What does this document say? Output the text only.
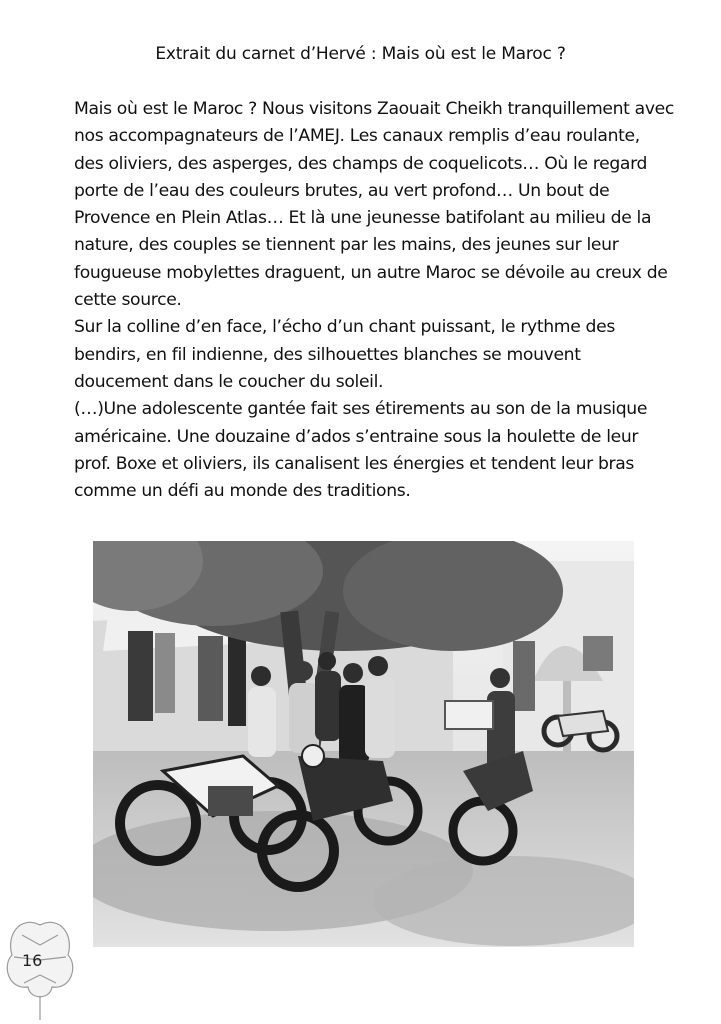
Extrait du carnet d’Hervé : Mais où est le Maroc ?

Mais où est le Maroc ? Nous visitons Zaouait Cheikh tranquillement avec nos accompagnateurs de l’AMEJ. Les canaux remplis d’eau roulante, des oliviers, des asperges, des champs de coquelicots… Où le regard porte de l’eau des couleurs brutes, au vert profond… Un bout de Provence en Plein Atlas… Et là une jeunesse batifolant au milieu de la nature, des couples se tiennent par les mains, des jeunes sur leur fougueuse mobylettes draguent, un autre Maroc se dévoile au creux de cette source.

Sur la colline d’en face, l’écho d’un chant puissant, le rythme des bendirs, en fil indienne, des silhouettes blanches se mouvent doucement dans le coucher du soleil.

(…)Une adolescente gantée fait ses étirements au son de la musique américaine. Une douzaine d’ados s’entraine sous la houlette de leur prof. Boxe et oliviers, ils canalisent les énergies et tendent leur bras comme un défi au monde des traditions.

16
